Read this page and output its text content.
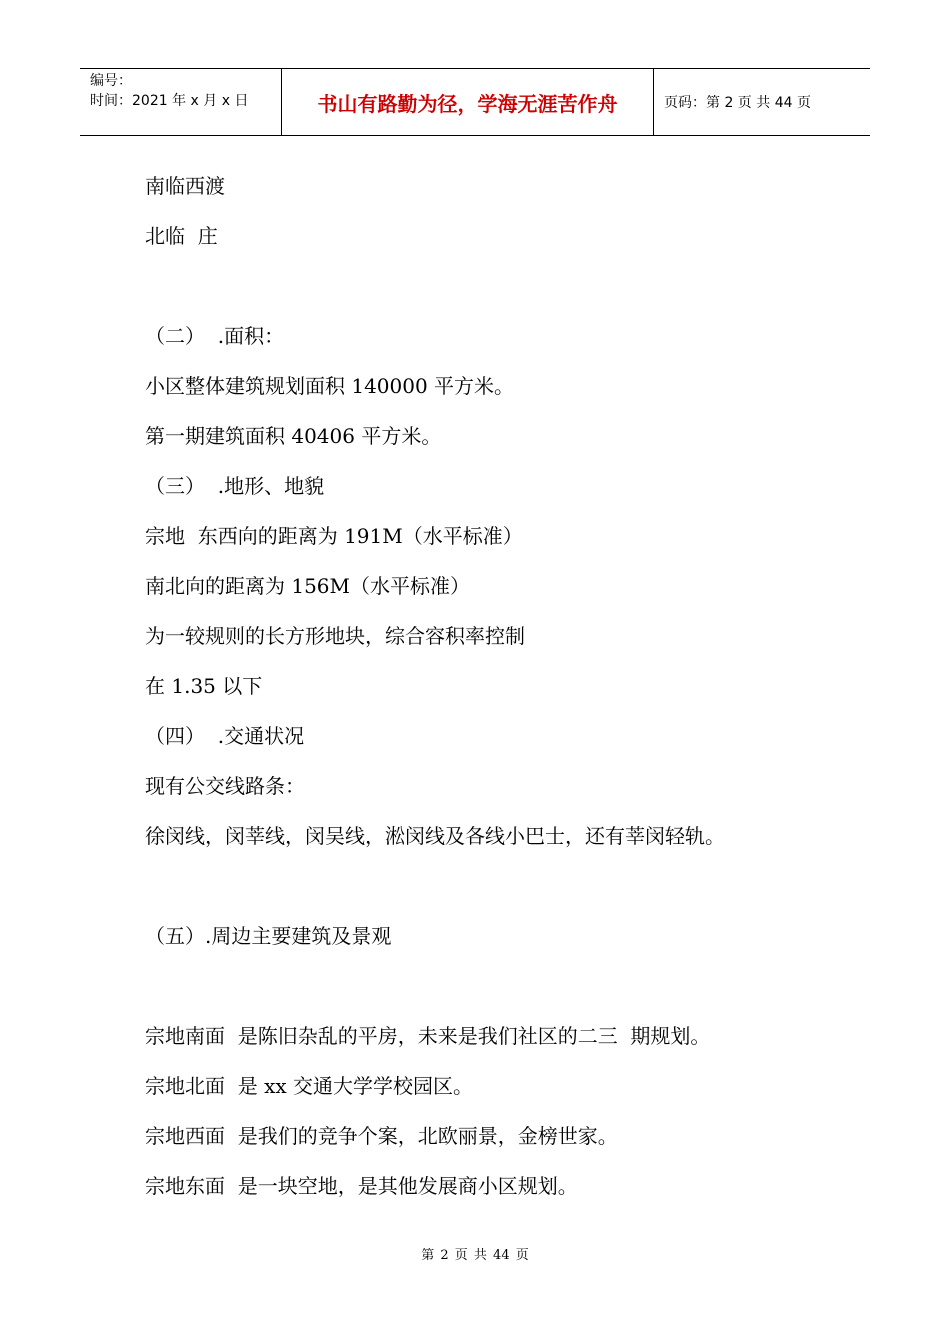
编号：
时间：2021 年 x 月 x 日	书山有路勤为径，学海无涯苦作舟	页码：第 2 页 共 44 页
南临西渡
北临  庄
（二）  .面积：
小区整体建筑规划面积 140000 平方米。
第一期建筑面积 40406 平方米。
（三）  .地形、地貌
宗地  东西向的距离为 191M（水平标准）
南北向的距离为 156M（水平标准）
为一较规则的长方形地块，综合容积率控制
在 1.35 以下
（四）  .交通状况
现有公交线路条：
徐闵线，闵莘线，闵吴线，淞闵线及各线小巴士，还有莘闵轻轨。
（五）.周边主要建筑及景观
宗地南面  是陈旧杂乱的平房，未来是我们社区的二三  期规划。
宗地北面  是 xx 交通大学学校园区。
宗地西面  是我们的竞争个案，北欧丽景，金榜世家。
宗地东面  是一块空地，是其他发展商小区规划。
第 2 页 共 44 页
